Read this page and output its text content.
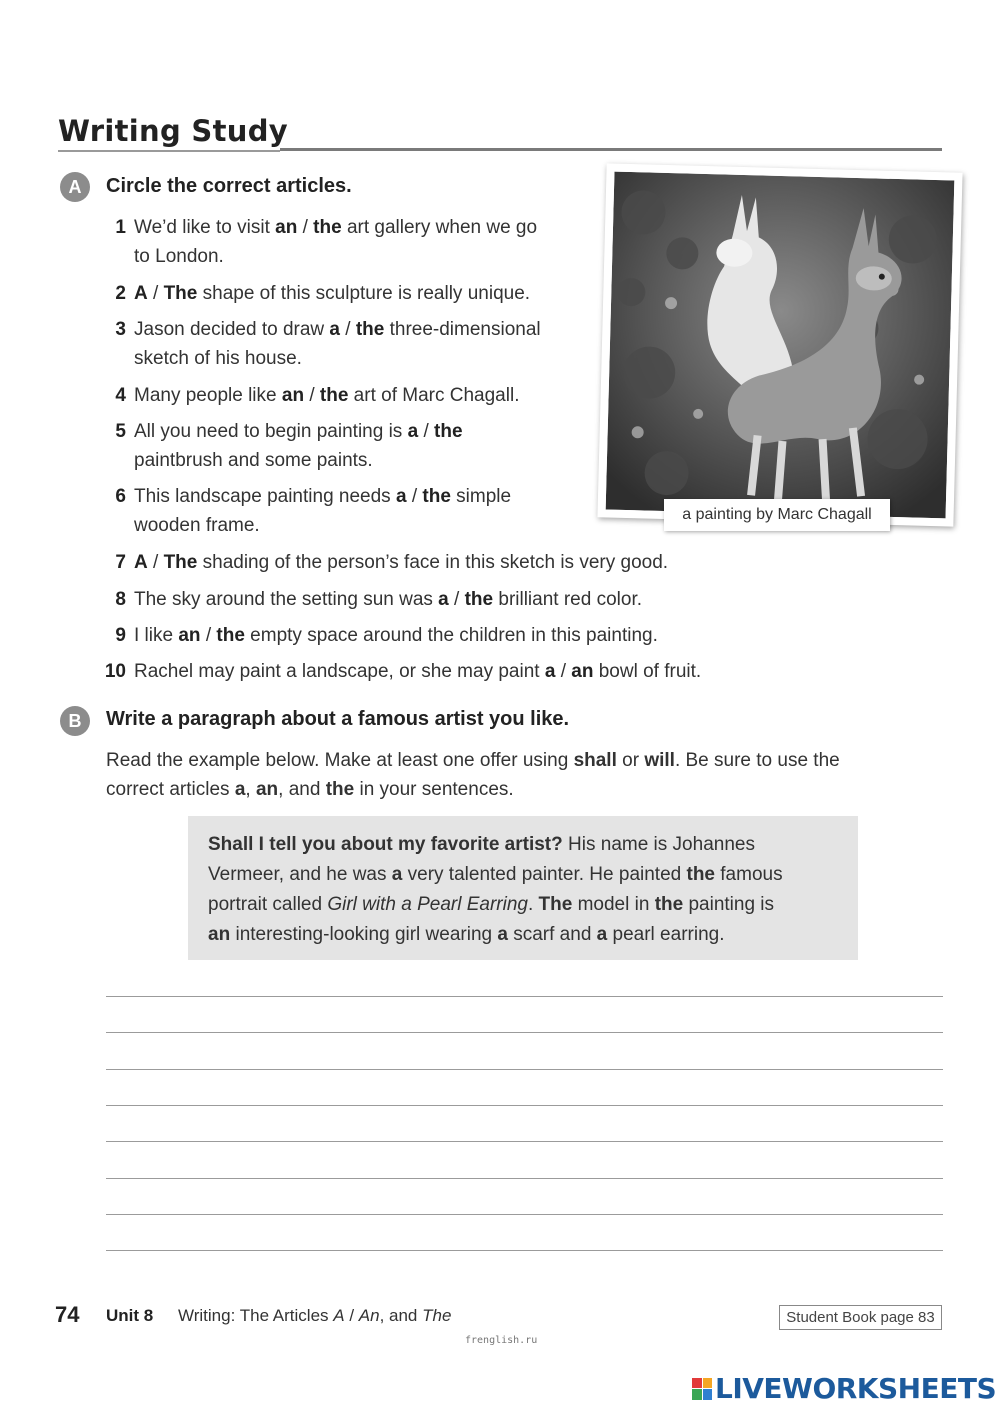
Writing Study
A	Circle the correct articles.
1 We’d like to visit an / the art gallery when we go
to London.
2 A / The shape of this sculpture is really unique.
3 Jason decided to draw a / the three-dimensional
sketch of his house.
4 Many people like an / the art of Marc Chagall.
5 All you need to begin painting is a / the
paintbrush and some paints.
6 This landscape painting needs a / the simple
wooden frame.
7 A / The shading of the person’s face in this sketch is very good.
8 The sky around the setting sun was a / the brilliant red color.
9 I like an / the empty space around the children in this painting.
10 Rachel may paint a landscape, or she may paint a / an bowl of fruit.
a painting by Marc Chagall
B	Write a paragraph about a famous artist you like.
Read the example below. Make at least one offer using shall or will. Be sure to use the
correct articles a, an, and the in your sentences.
Shall I tell you about my favorite artist? His name is Johannes
Vermeer, and he was a very talented painter. He painted the famous
portrait called Girl with a Pearl Earring. The model in the painting is
an interesting-looking girl wearing a scarf and a pearl earring.
74 Unit 8 Writing: The Articles A / An, and The	Student Book page 83
frenglish.ru
LIVEWORKSHEETS
